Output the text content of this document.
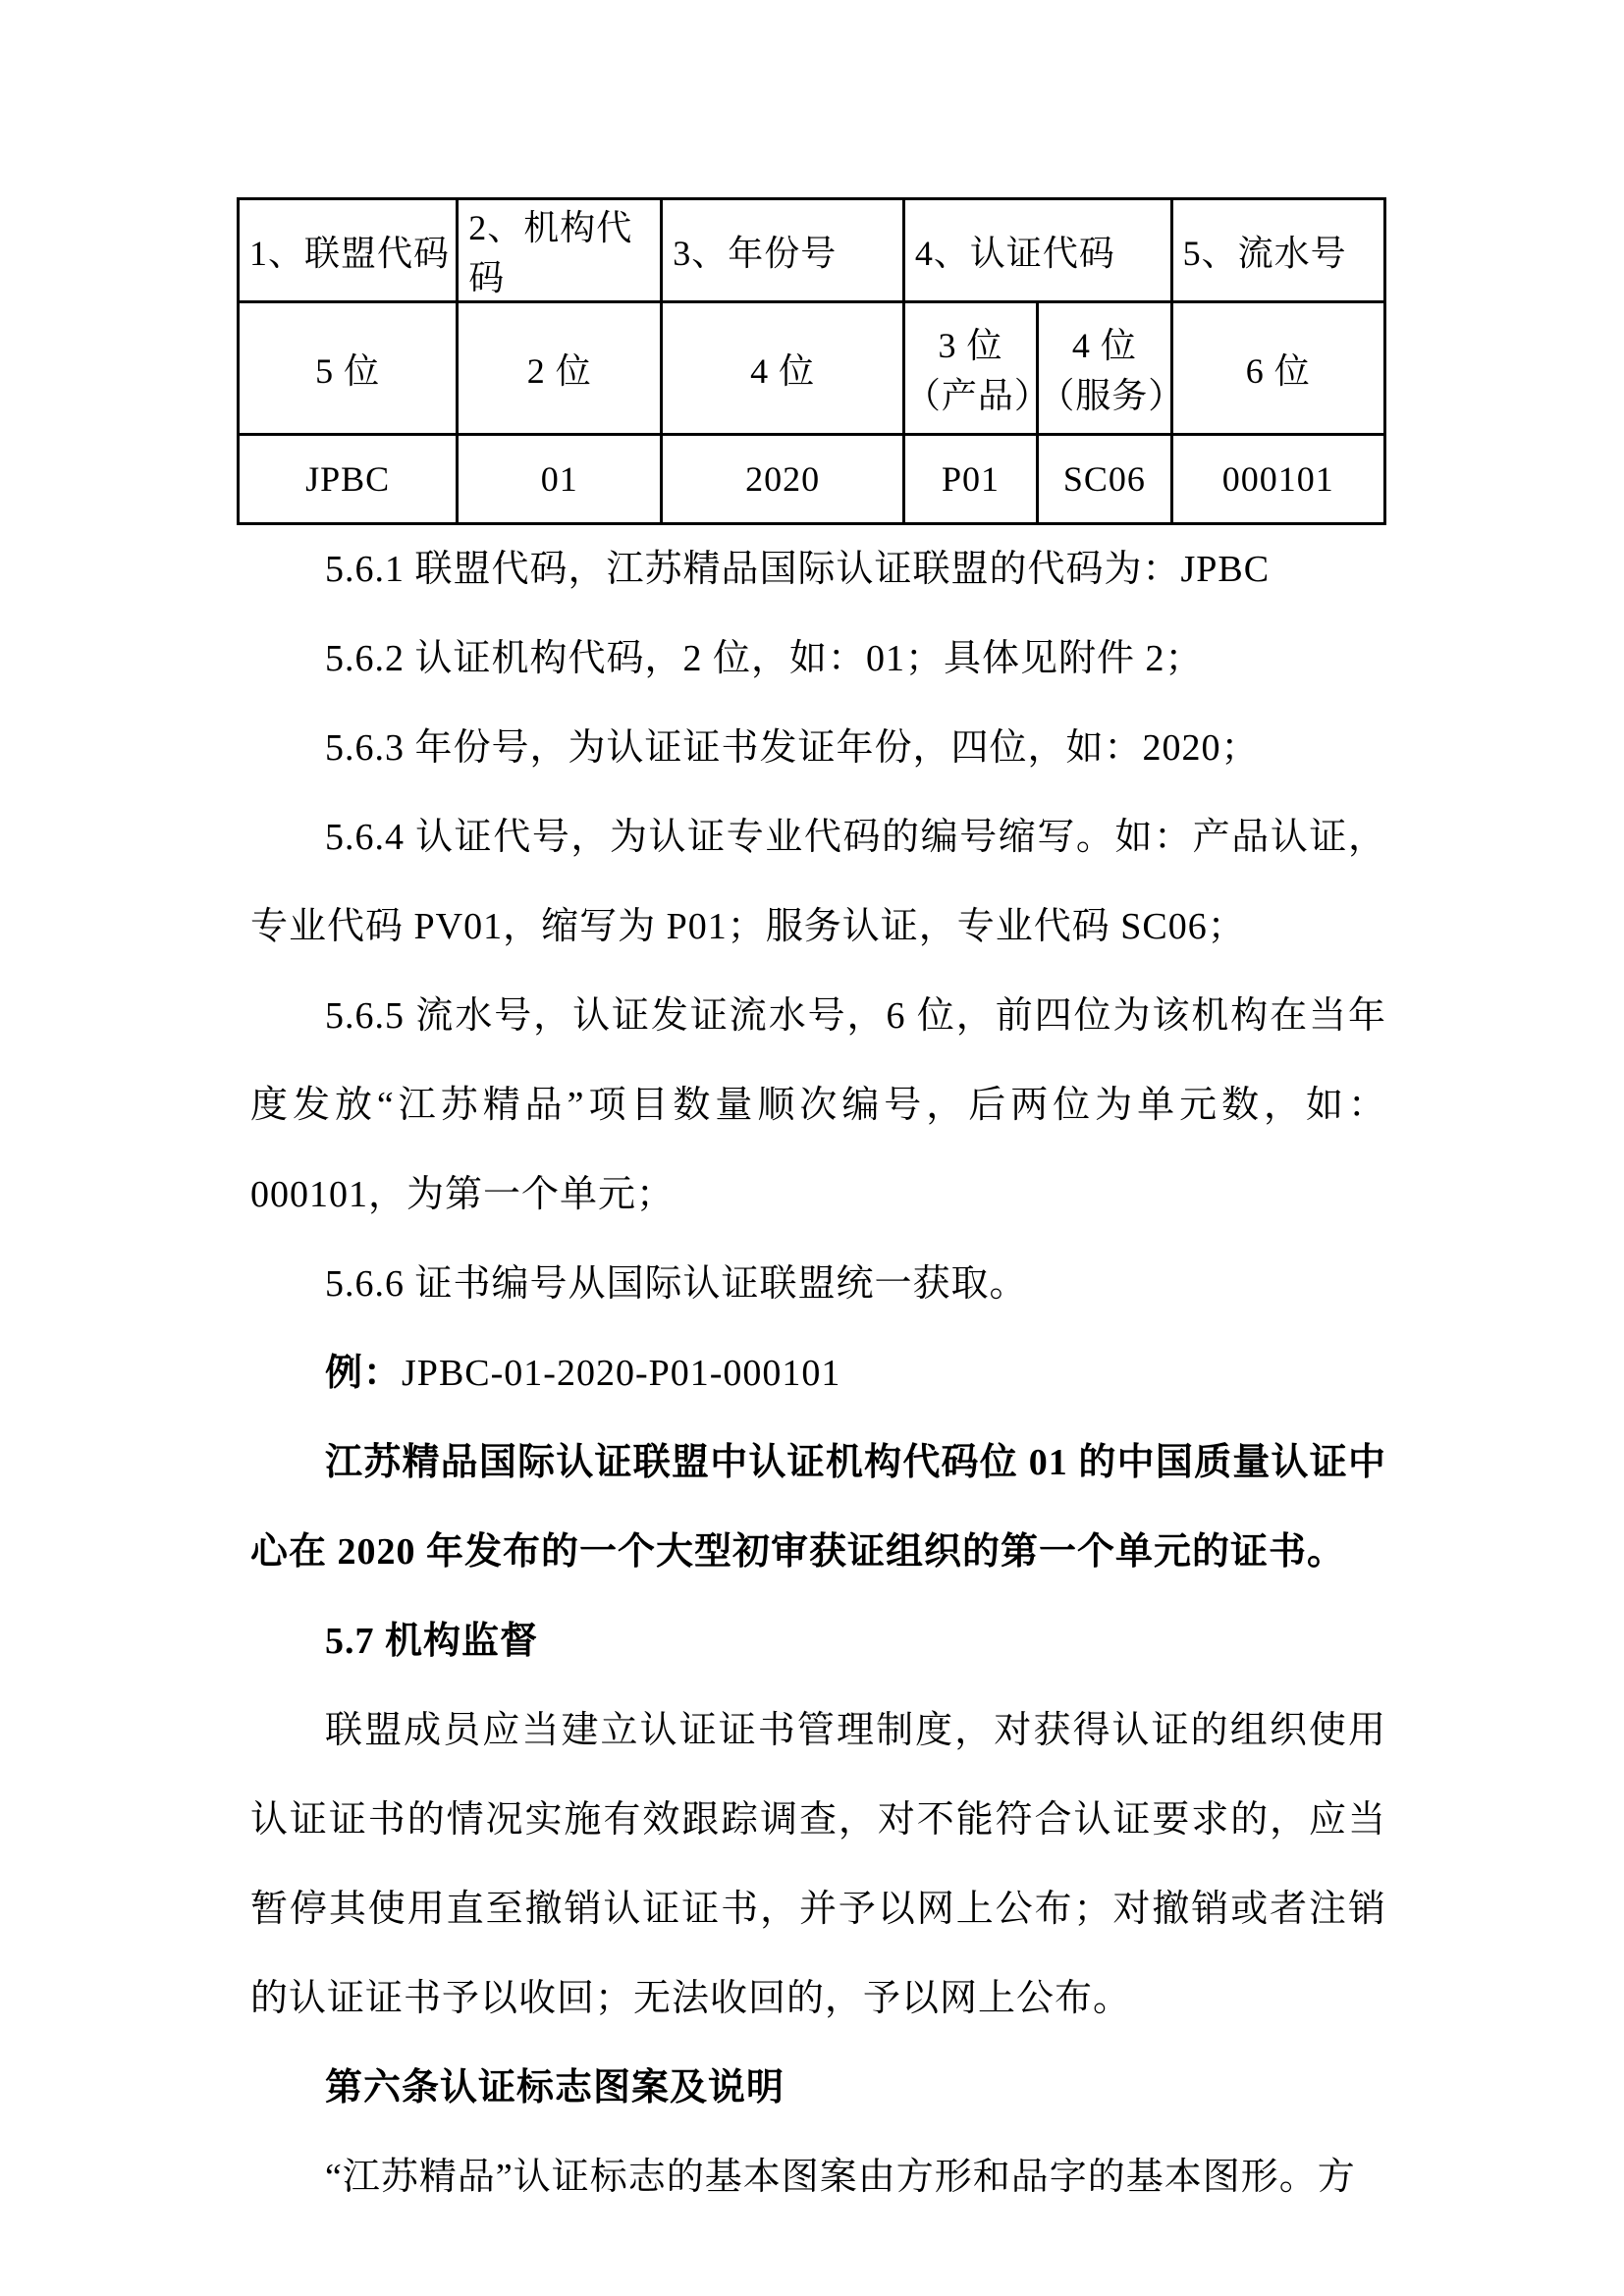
1、联盟代码	2、机构代码	3、年份号	4、认证代码		5、流水号
5 位	2 位	4 位	3 位（产品）	4 位（服务）	6 位
JPBC	01	2020	P01	SC06	000101

5.6.1 联盟代码，江苏精品国际认证联盟的代码为：JPBC

5.6.2 认证机构代码，2 位，如：01；具体见附件 2；

5.6.3 年份号，为认证证书发证年份，四位，如：2020；

5.6.4 认证代号，为认证专业代码的编号缩写。如：产品认证，专业代码 PV01，缩写为 P01；服务认证，专业代码 SC06；

5.6.5 流水号，认证发证流水号，6 位，前四位为该机构在当年度发放“江苏精品”项目数量顺次编号，后两位为单元数，如：000101，为第一个单元；

5.6.6 证书编号从国际认证联盟统一获取。

例：JPBC-01-2020-P01-000101

江苏精品国际认证联盟中认证机构代码位 01 的中国质量认证中心在 2020 年发布的一个大型初审获证组织的第一个单元的证书。

5.7 机构监督

联盟成员应当建立认证证书管理制度，对获得认证的组织使用认证证书的情况实施有效跟踪调查，对不能符合认证要求的，应当暂停其使用直至撤销认证证书，并予以网上公布；对撤销或者注销的认证证书予以收回；无法收回的，予以网上公布。

第六条认证标志图案及说明

“江苏精品”认证标志的基本图案由方形和品字的基本图形。方
